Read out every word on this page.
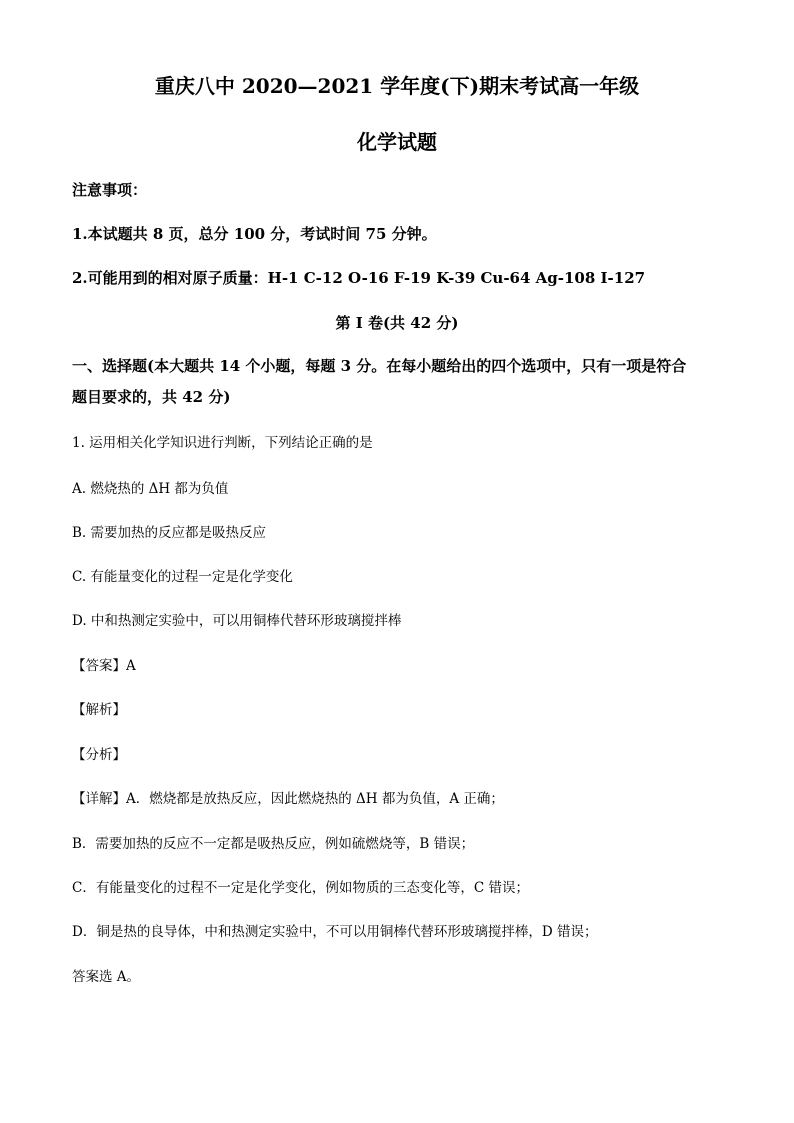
重庆八中 2020—2021 学年度(下)期末考试高一年级
化学试题
注意事项：
1.本试题共 8 页，总分 100 分，考试时间 75 分钟。
2.可能用到的相对原子质量：H-1 C-12 O-16 F-19 K-39 Cu-64 Ag-108 I-127
第 I 卷(共 42 分)
一、选择题(本大题共 14 个小题，每题 3 分。在每小题给出的四个选项中，只有一项是符合
题目要求的，共 42 分)
1. 运用相关化学知识进行判断，下列结论正确的是
A. 燃烧热的 ΔH 都为负值
B. 需要加热的反应都是吸热反应
C. 有能量变化的过程一定是化学变化
D. 中和热测定实验中，可以用铜棒代替环形玻璃搅拌棒
【答案】A
【解析】
【分析】
【详解】A．燃烧都是放热反应，因此燃烧热的 ΔH 都为负值，A 正确；
B．需要加热的反应不一定都是吸热反应，例如硫燃烧等，B 错误；
C．有能量变化的过程不一定是化学变化，例如物质的三态变化等，C 错误；
D．铜是热的良导体，中和热测定实验中，不可以用铜棒代替环形玻璃搅拌棒，D 错误；
答案选 A。
